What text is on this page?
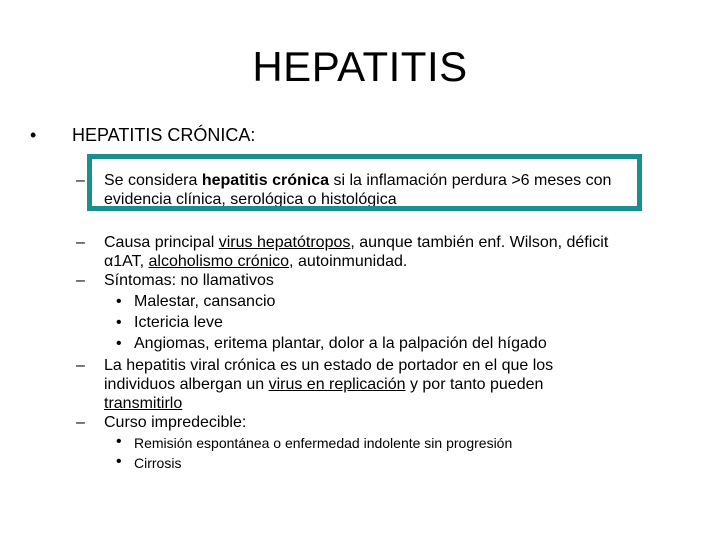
HEPATITIS
• HEPATITIS CRÓNICA:
– Se considera hepatitis crónica si la inflamación perdura >6 meses con
evidencia clínica, serológica o histológica
– Causa principal virus hepatótropos, aunque también enf. Wilson, déficit
α1AT, alcoholismo crónico, autoinmunidad.
– Síntomas: no llamativos
• Malestar, cansancio
• Ictericia leve
• Angiomas, eritema plantar, dolor a la palpación del hígado
– La hepatitis viral crónica es un estado de portador en el que los
individuos albergan un virus en replicación y por tanto pueden
transmitirlo
– Curso impredecible:
• Remisión espontánea o enfermedad indolente sin progresión
• Cirrosis
